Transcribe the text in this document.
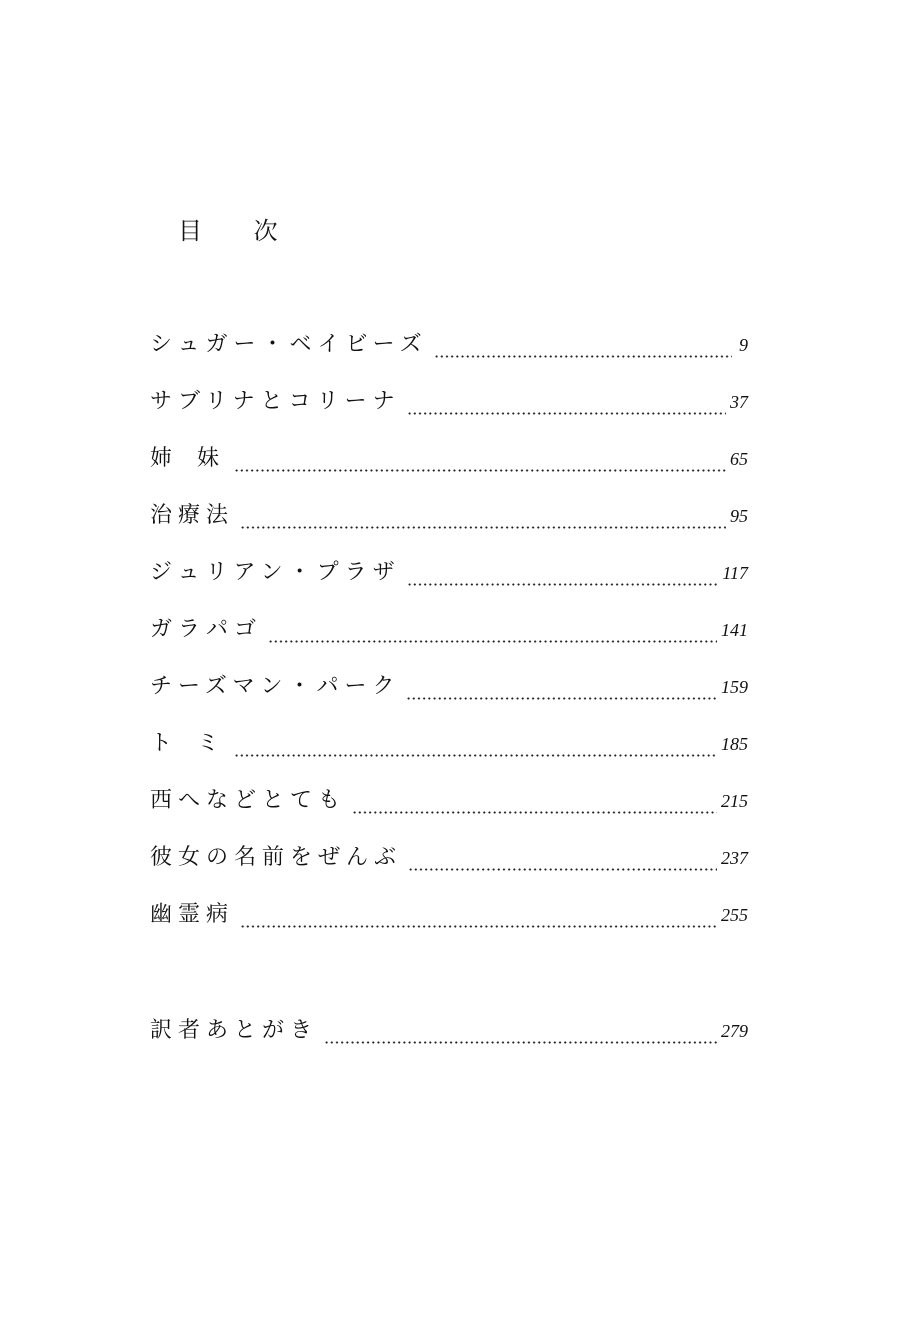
目 次
シュガー・ベイビーズ	9
サブリナとコリーナ	37
姉 妹	65
治療法	95
ジュリアン・プラザ	117
ガラパゴ	141
チーズマン・パーク	159
ト ミ	185
西へなどとても	215
彼女の名前をぜんぶ	237
幽霊病	255
訳者あとがき	279
